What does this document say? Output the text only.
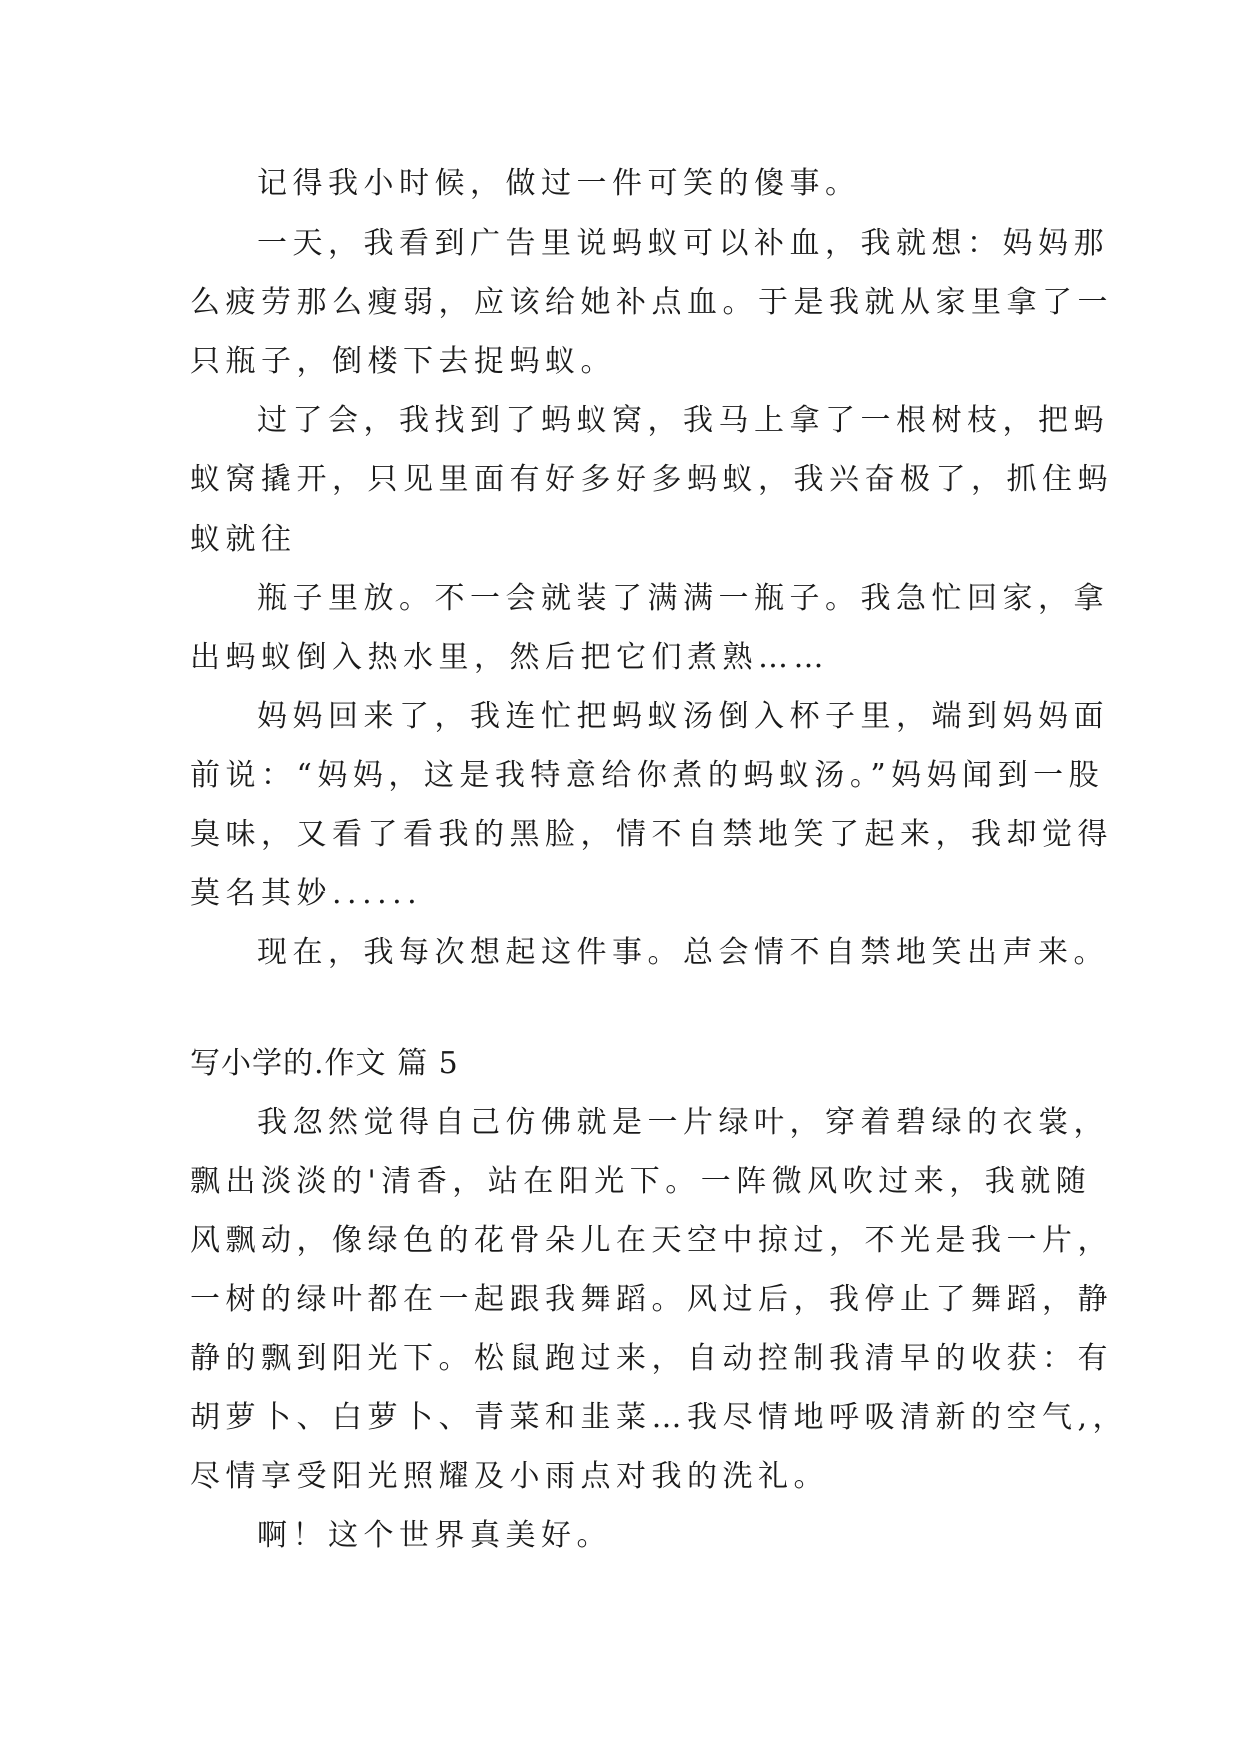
记得我小时候，做过一件可笑的傻事。
一天，我看到广告里说蚂蚁可以补血，我就想：妈妈那
么疲劳那么瘦弱，应该给她补点血。于是我就从家里拿了一
只瓶子，倒楼下去捉蚂蚁。
过了会，我找到了蚂蚁窝，我马上拿了一根树枝，把蚂
蚁窝撬开，只见里面有好多好多蚂蚁，我兴奋极了，抓住蚂
蚁就往
瓶子里放。不一会就装了满满一瓶子。我急忙回家，拿
出蚂蚁倒入热水里，然后把它们煮熟……
妈妈回来了，我连忙把蚂蚁汤倒入杯子里，端到妈妈面
前说：“妈妈，这是我特意给你煮的蚂蚁汤。”妈妈闻到一股
臭味，又看了看我的黑脸，情不自禁地笑了起来，我却觉得
莫名其妙......
现在，我每次想起这件事。总会情不自禁地笑出声来。
写小学的.作文 篇 5
我忽然觉得自己仿佛就是一片绿叶，穿着碧绿的衣裳，
飘出淡淡的'清香，站在阳光下。一阵微风吹过来，我就随
风飘动，像绿色的花骨朵儿在天空中掠过，不光是我一片，
一树的绿叶都在一起跟我舞蹈。风过后，我停止了舞蹈，静
静的飘到阳光下。松鼠跑过来，自动控制我清早的收获：有
胡萝卜、白萝卜、青菜和韭菜…我尽情地呼吸清新的空气,，
尽情享受阳光照耀及小雨点对我的洗礼。
啊！这个世界真美好。
